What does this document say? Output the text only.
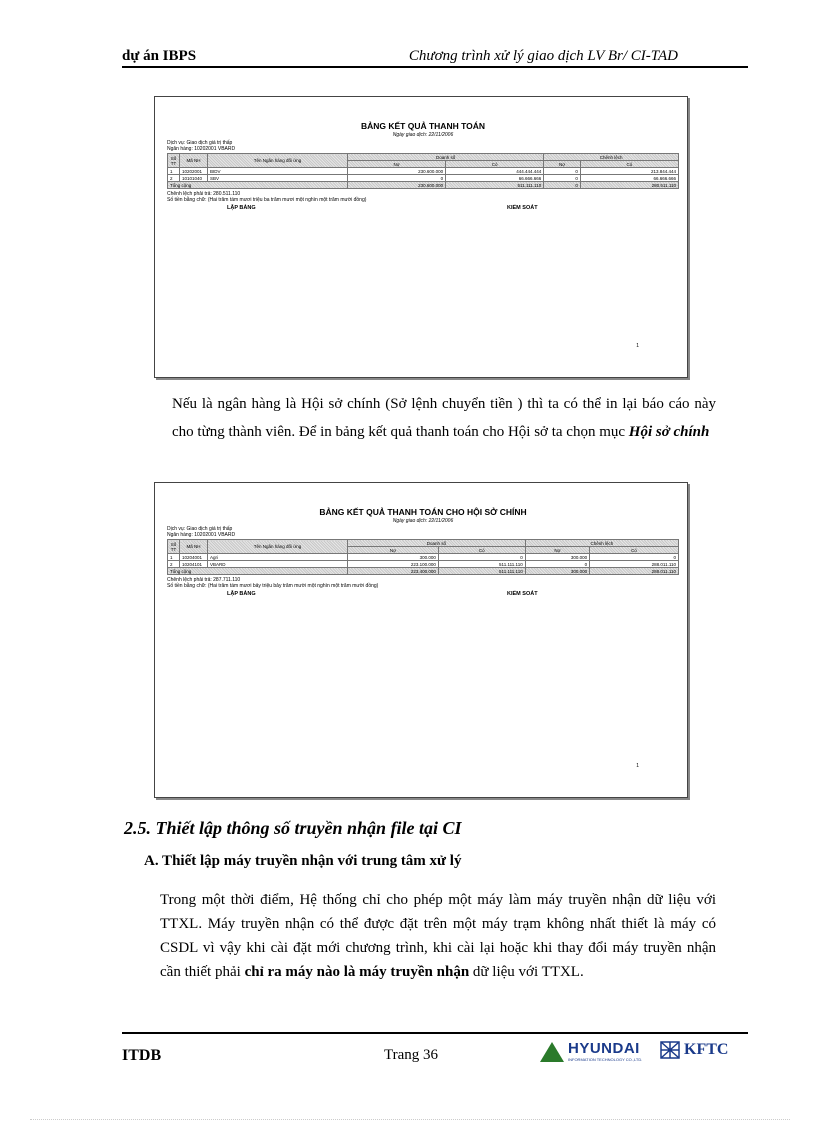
dự án IBPS	Chương trình xử lý giao dịch LV Br/ CI-TAD
BẢNG KẾT QUẢ THANH TOÁN
Ngày giao dịch: 22/11/2006
Dịch vụ: Giao dịch giá trị thấp
Ngân hàng: 10202001 VBARD
Số TT	Mã NH	Tên Ngân hàng đối ứng	Doanh số		Chênh lệch	
			Nợ	Có	Nợ	Có
1	10202001	BIDV	230.600.000	444.444.444	0	213.844.444
2	10101040	SBV	0	66.666.666	0	66.666.666
Tổng cộng			230.600.000	511.111.110	0	280.511.110
Chênh lệch phải trả: 280.511.110
Số tiền bằng chữ: (Hai trăm tám mươi triệu ba trăm mươi một nghìn một trăm mười đồng)
LẬP BẢNG	KIỂM SOÁT
1
Nếu là ngân hàng là Hội sở chính (Sở lệnh chuyển tiền ) thì ta có thể in lại báo cáo này cho từng thành viên. Để in bảng kết quả thanh toán cho Hội sở ta chọn mục Hội sở chính
BẢNG KẾT QUẢ THANH TOÁN CHO HỘI SỞ CHÍNH
Ngày giao dịch: 22/11/2006
Dịch vụ: Giao dịch giá trị thấp
Ngân hàng: 10202001 VBARD
Số TT	Mã NH	Tên Ngân hàng đối ứng	Doanh số		Chênh lệch	
			Nợ	Có	Nợ	Có
1	10204001	Agri	300.000	0	300.000	0
2	10204101	VBARD	223.100.000	511.111.110	0	288.011.110
Tổng cộng			223.400.000	511.111.110	300.000	288.011.110
Chênh lệch phải trả: 287.711.110
Số tiền bằng chữ: (Hai trăm tám mươi bảy triệu bảy trăm mười một nghìn một trăm mười đồng)
LẬP BẢNG	KIỂM SOÁT
1
2.5. Thiết lập thông số truyền nhận file tại CI
A. Thiết lập máy truyền nhận với trung tâm xử lý
Trong một thời điểm, Hệ thống chỉ cho phép một máy làm máy truyền nhận dữ liệu với TTXL. Máy truyền nhận có thể được đặt trên một máy trạm không nhất thiết là máy có CSDL vì vậy khi cài đặt mới chương trình, khi cài lại hoặc khi thay đổi máy truyền nhận cần thiết phải chỉ ra máy nào là máy truyền nhận dữ liệu với TTXL.
ITDB	Trang 36	HYUNDAI
INFORMATION TECHNOLOGY CO.,LTD.
KFTC
